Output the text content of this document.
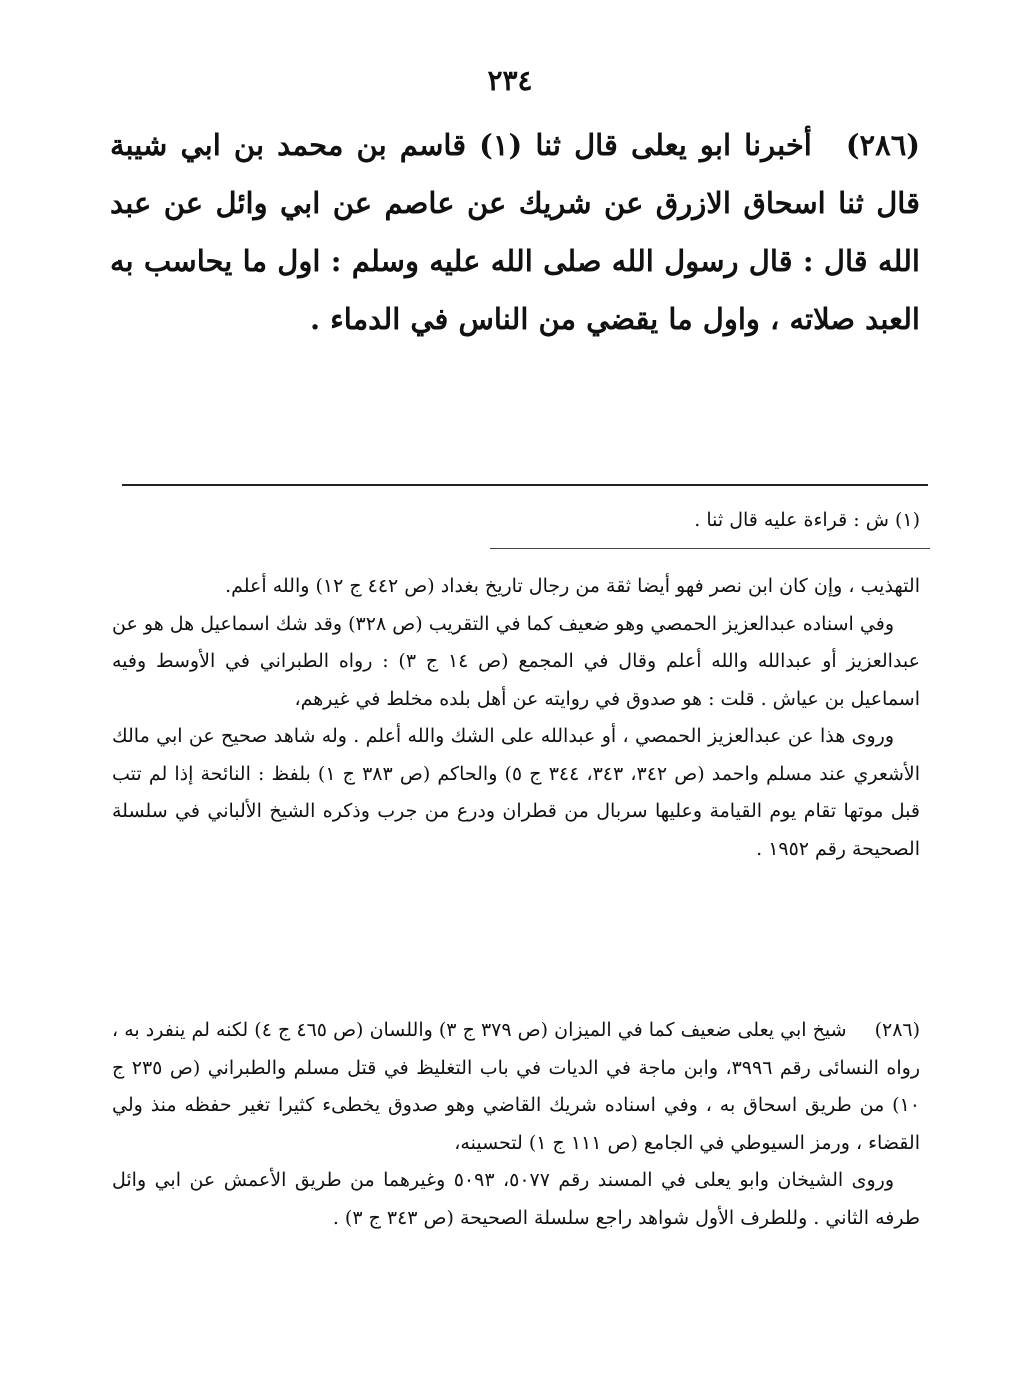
٢٣٤
(٢٨٦)أخبرنا ابو يعلى قال ثنا (١) قاسم بن محمد بن ابي شيبة قال ثنا اسحاق الازرق عن شريك عن عاصم عن ابي وائل عن عبد الله قال : قال رسول الله صلى الله عليه وسلم : اول ما يحاسب به العبد صلاته ، واول ما يقضي من الناس في الدماء .
(١) ش : قراءة عليه قال ثنا .

التهذيب ، وإن كان ابن نصر فهو أيضا ثقة من رجال تاريخ بغداد (ص ٤٤٢ ج ١٢) والله أعلم.

وفي اسناده عبدالعزيز الحمصي وهو ضعيف كما في التقريب (ص ٣٢٨) وقد شك اسماعيل هل هو عن عبدالعزيز أو عبدالله والله أعلم وقال في المجمع (ص ١٤ ج ٣) : رواه الطبراني في الأوسط وفيه اسماعيل بن عياش . قلت : هو صدوق في روايته عن أهل بلده مخلط في غيرهم،

وروى هذا عن عبدالعزيز الحمصي ، أو عبدالله على الشك والله أعلم . وله شاهد صحيح عن ابي مالك الأشعري عند مسلم واحمد (ص ٣٤٢، ٣٤٣، ٣٤٤ ج ٥) والحاكم (ص ٣٨٣ ج ١) بلفظ : النائحة إذا لم تتب قبل موتها تقام يوم القيامة وعليها سربال من قطران ودرع من جرب وذكره الشيخ الألباني في سلسلة الصحيحة رقم ١٩٥٢ .

(٢٨٦)شيخ ابي يعلى ضعيف كما في الميزان (ص ٣٧٩ ج ٣) واللسان (ص ٤٦٥ ج ٤) لكنه لم ينفرد به ، رواه النسائى رقم ٣٩٩٦، وابن ماجة في الديات في باب التغليظ في قتل مسلم والطبراني (ص ٢٣٥ ج ١٠) من طريق اسحاق به ، وفي اسناده شريك القاضي وهو صدوق يخطىء كثيرا تغير حفظه منذ ولي القضاء ، ورمز السيوطي في الجامع (ص ١١١ ج ١) لتحسينه،

وروى الشيخان وابو يعلى في المسند رقم ٥٠٧٧، ٥٠٩٣ وغيرهما من طريق الأعمش عن ابي وائل طرفه الثاني . وللطرف الأول شواهد راجع سلسلة الصحيحة (ص ٣٤٣ ج ٣) .
